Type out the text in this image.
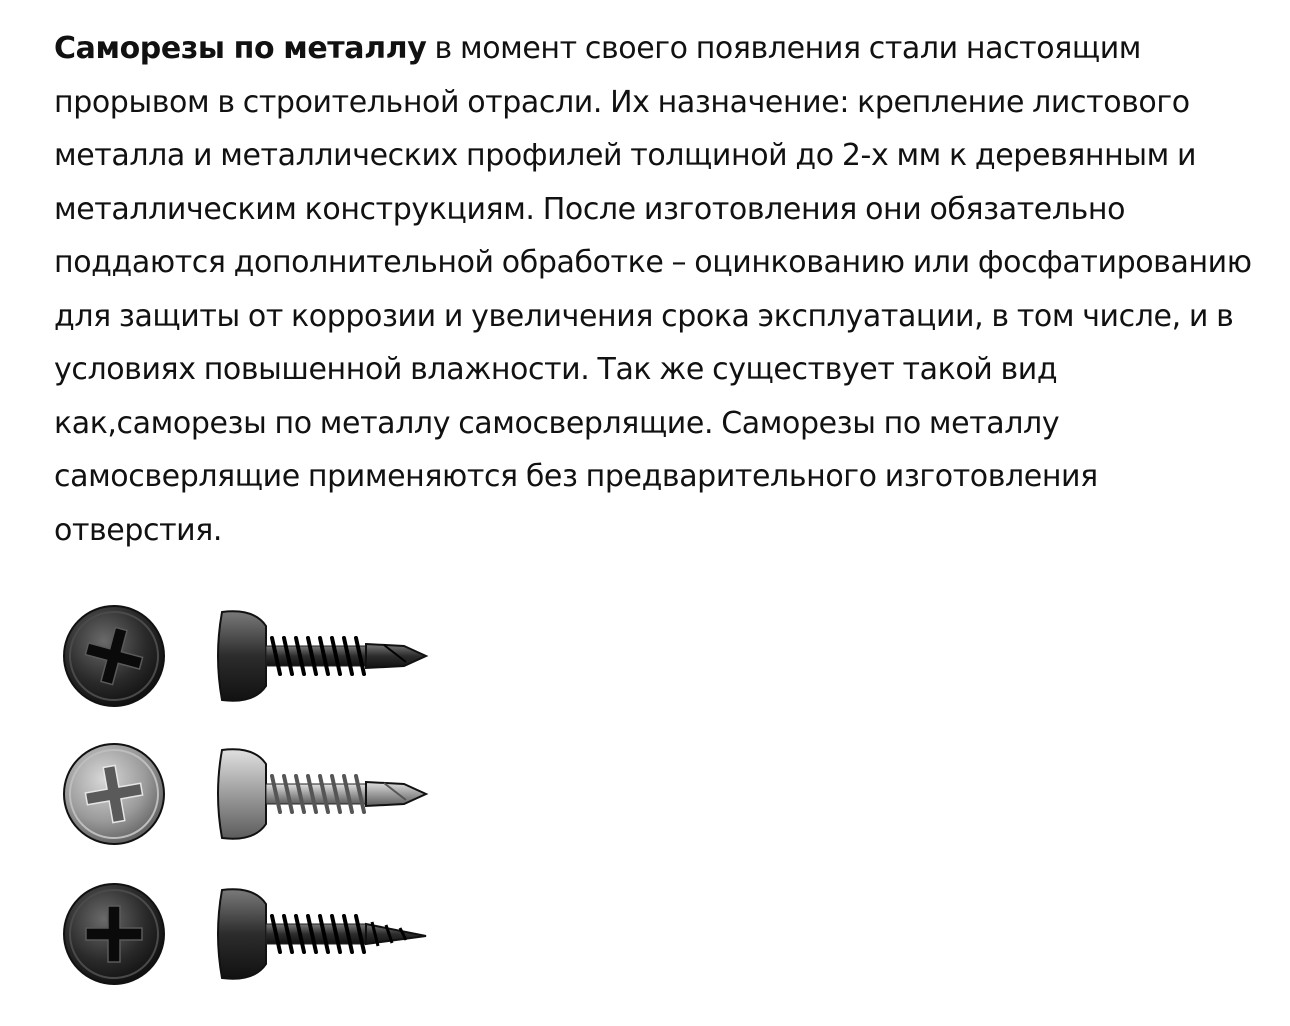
Саморезы по металлу в момент своего появления стали настоящим прорывом в строительной отрасли. Их назначение: крепление листового металла и металлических профилей толщиной до 2-х мм к деревянным и металлическим конструкциям. После изготовления они обязательно поддаются дополнительной обработке – оцинкованию или фосфатированию для защиты от коррозии и увеличения срока эксплуатации, в том числе, и в условиях повышенной влажности. Так же существует такой вид как,саморезы по металлу самосверлящие. Саморезы по металлу самосверлящие применяются без предварительного изготовления отверстия.
